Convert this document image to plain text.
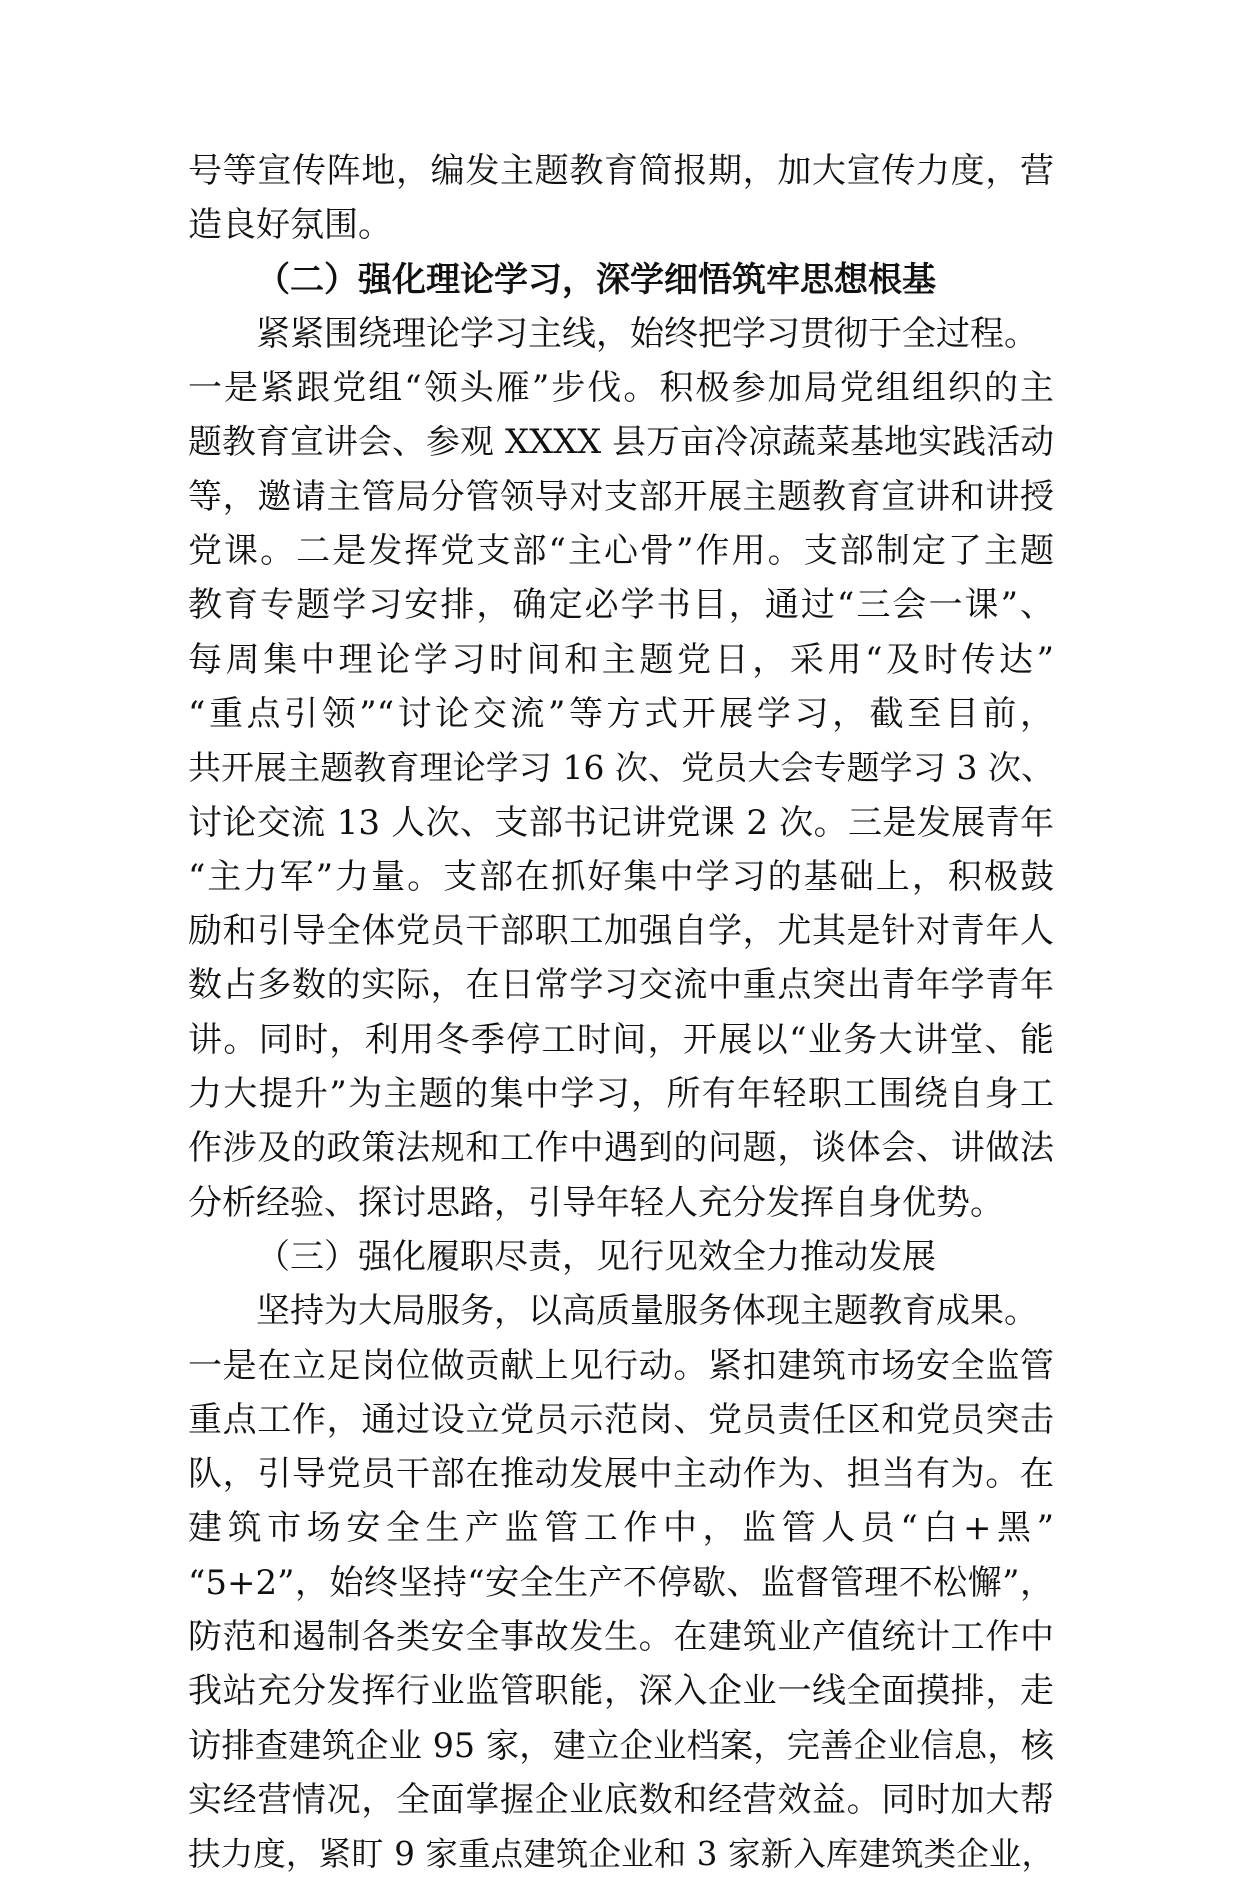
号等宣传阵地，编发主题教育简报期，加大宣传力度，营
造良好氛围。
（二）强化理论学习，深学细悟筑牢思想根基
紧紧围绕理论学习主线，始终把学习贯彻于全过程。
一是紧跟党组“领头雁”步伐。积极参加局党组组织的主
题教育宣讲会、参观 XXXX 县万亩冷凉蔬菜基地实践活动
等，邀请主管局分管领导对支部开展主题教育宣讲和讲授
党课。二是发挥党支部“主心骨”作用。支部制定了主题
教育专题学习安排，确定必学书目，通过“三会一课”、
每周集中理论学习时间和主题党日，采用“及时传达”
“重点引领”“讨论交流”等方式开展学习，截至目前，
共开展主题教育理论学习 16 次、党员大会专题学习 3 次、
讨论交流 13 人次、支部书记讲党课 2 次。三是发展青年
“主力军”力量。支部在抓好集中学习的基础上，积极鼓
励和引导全体党员干部职工加强自学，尤其是针对青年人
数占多数的实际，在日常学习交流中重点突出青年学青年
讲。同时，利用冬季停工时间，开展以“业务大讲堂、能
力大提升”为主题的集中学习，所有年轻职工围绕自身工
作涉及的政策法规和工作中遇到的问题，谈体会、讲做法
分析经验、探讨思路，引导年轻人充分发挥自身优势。
（三）强化履职尽责，见行见效全力推动发展
坚持为大局服务，以高质量服务体现主题教育成果。
一是在立足岗位做贡献上见行动。紧扣建筑市场安全监管
重点工作，通过设立党员示范岗、党员责任区和党员突击
队，引导党员干部在推动发展中主动作为、担当有为。在
建筑市场安全生产监管工作中，监管人员“白+黑”
“5+2”，始终坚持“安全生产不停歇、监督管理不松懈”，
防范和遏制各类安全事故发生。在建筑业产值统计工作中
我站充分发挥行业监管职能，深入企业一线全面摸排，走
访排查建筑企业 95 家，建立企业档案，完善企业信息，核
实经营情况，全面掌握企业底数和经营效益。同时加大帮
扶力度，紧盯 9 家重点建筑企业和 3 家新入库建筑类企业，
